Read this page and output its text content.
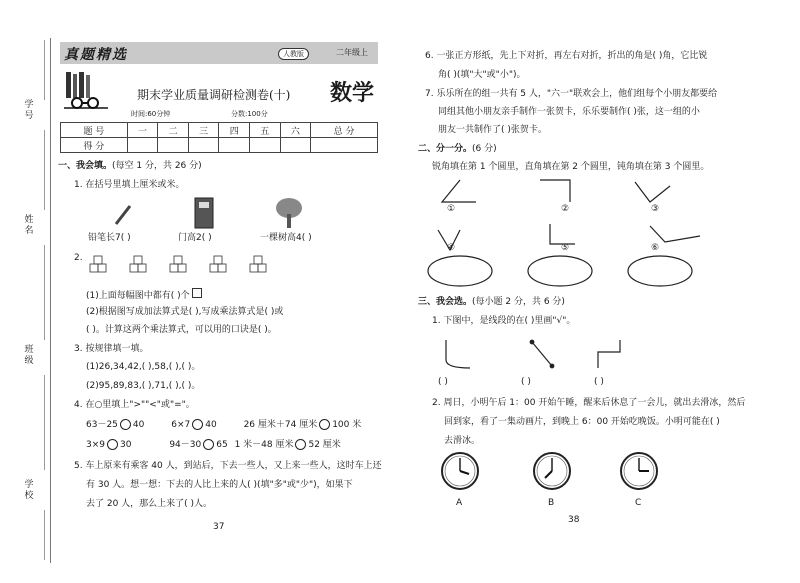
学号
姓名
班级
学校
真题精选	人教版	二年级上
期末学业质量调研检测卷(十) 数学
时间:60分钟	分数:100分
题 号	一	二	三	四	五	六	总 分
得 分							
一、我会填。(每空 1 分，共 26 分)
1. 在括号里填上厘米或米。
铅笔长7( )	门高2( )	一棵树高4( )
2.
(1)上面每幅图中都有( )个
(2)根据图写成加法算式是( ),写成乘法算式是( )或
( )。计算这两个乘法算式，可以用的口诀是( )。
3. 按规律填一填。
(1)26,34,42,( ),58,( ),( )。
(2)95,89,83,( ),71,( ),( )。
4. 在○里填上">""<"或"="。
63－25 40	6×7 40	26 厘米＋74 厘米 100 米
3×9 30	94－30 65 1 米－48 厘米 52 厘米
5. 车上原来有乘客 40 人，到站后，下去一些人，又上来一些人，这时车上还
有 30 人。想一想：下去的人比上来的人( )(填"多"或"少")，如果下
去了 20 人，那么上来了( )人。
37
6. 一张正方形纸，先上下对折，再左右对折，折出的角是( )角，它比锐
角( )(填"大"或"小")。
7. 乐乐所在的组一共有 5 人，"六一"联欢会上，他们组每个小朋友都要给
同组其他小朋友亲手制作一张贺卡，乐乐要制作( )张，这一组的小
朋友一共制作了( )张贺卡。
二、分一分。(6 分)
锐角填在第 1 个圆里，直角填在第 2 个圆里，钝角填在第 3 个圆里。
①	②	③
④	⑤	⑥
三、我会选。(每小题 2 分，共 6 分)
1. 下图中，是线段的在( )里画"√"。
( )	( )	( )
2. 周日，小明午后 1：00 开始午睡，醒来后休息了一会儿，就出去滑冰，然后
回到家，看了一集动画片，到晚上 6：00 开始吃晚饭。小明可能在( )
去滑冰。
A	B	C
38
